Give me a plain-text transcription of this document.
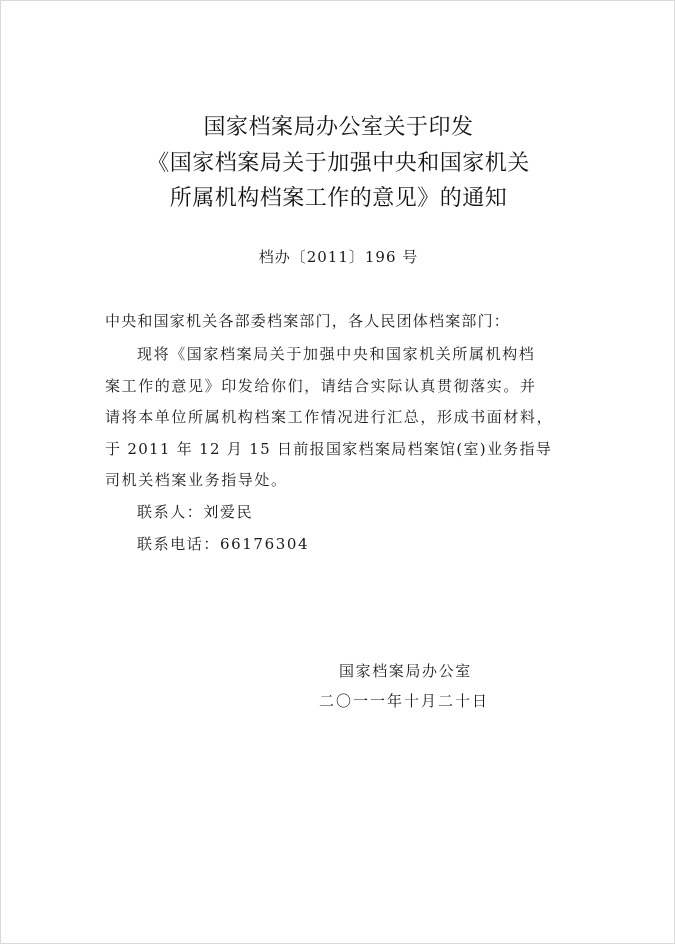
国家档案局办公室关于印发
《国家档案局关于加强中央和国家机关
所属机构档案工作的意见》的通知
档办〔2011〕196 号
中央和国家机关各部委档案部门，各人民团体档案部门：
现将《国家档案局关于加强中央和国家机关所属机构档
案工作的意见》印发给你们，请结合实际认真贯彻落实。并
请将本单位所属机构档案工作情况进行汇总，形成书面材料，
于 2011 年 12 月 15 日前报国家档案局档案馆(室)业务指导
司机关档案业务指导处。
联系人：刘爱民
联系电话：66176304
国家档案局办公室
二〇一一年十月二十日
